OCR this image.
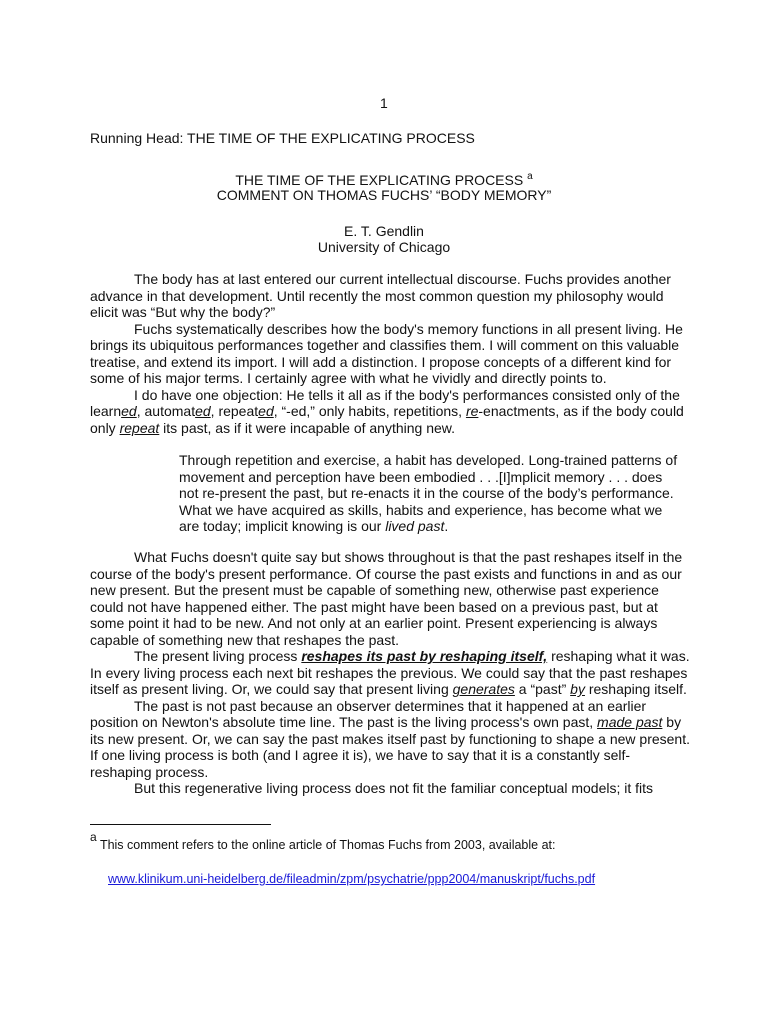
1
Running Head: THE TIME OF THE EXPLICATING PROCESS
THE TIME OF THE EXPLICATING PROCESS $^a$
COMMENT ON THOMAS FUCHS’ “BODY MEMORY”
E. T. Gendlin
University of Chicago

The body has at last entered our current intellectual discourse. Fuchs provides another advance in that development. Until recently the most common question my philosophy would elicit was “But why the body?”

Fuchs systematically describes how the body's memory functions in all present living. He brings its ubiquitous performances together and classifies them. I will comment on this valuable treatise, and extend its import. I will add a distinction. I propose concepts of a different kind for some of his major terms. I certainly agree with what he vividly and directly points to.

I do have one objection: He tells it all as if the body's performances consisted only of the learned, automated, repeated, “-ed,” only habits, repetitions, re-enactments, as if the body could only repeat its past, as if it were incapable of anything new.

Through repetition and exercise, a habit has developed. Long-trained patterns of movement and perception have been embodied . . .[I]mplicit memory . . . does not re-present the past, but re-enacts it in the course of the body’s performance. What we have acquired as skills, habits and experience, has become what we are today; implicit knowing is our lived past.

What Fuchs doesn't quite say but shows throughout is that the past reshapes itself in the course of the body's present performance. Of course the past exists and functions in and as our new present. But the present must be capable of something new, otherwise past experience could not have happened either. The past might have been based on a previous past, but at some point it had to be new. And not only at an earlier point. Present experiencing is always capable of something new that reshapes the past.

The present living process reshapes its past by reshaping itself, reshaping what it was. In every living process each next bit reshapes the previous. We could say that the past reshapes itself as present living. Or, we could say that present living generates a “past” by reshaping itself.

The past is not past because an observer determines that it happened at an earlier position on Newton's absolute time line. The past is the living process's own past, made past by its new present. Or, we can say the past makes itself past by functioning to shape a new present. If one living process is both (and I agree it is), we have to say that it is a constantly self-reshaping process.

But this regenerative living process does not fit the familiar conceptual models; it fits

a This comment refers to the online article of Thomas Fuchs from 2003, available at:
www.klinikum.uni-heidelberg.de/fileadmin/zpm/psychatrie/ppp2004/manuskript/fuchs.pdf
